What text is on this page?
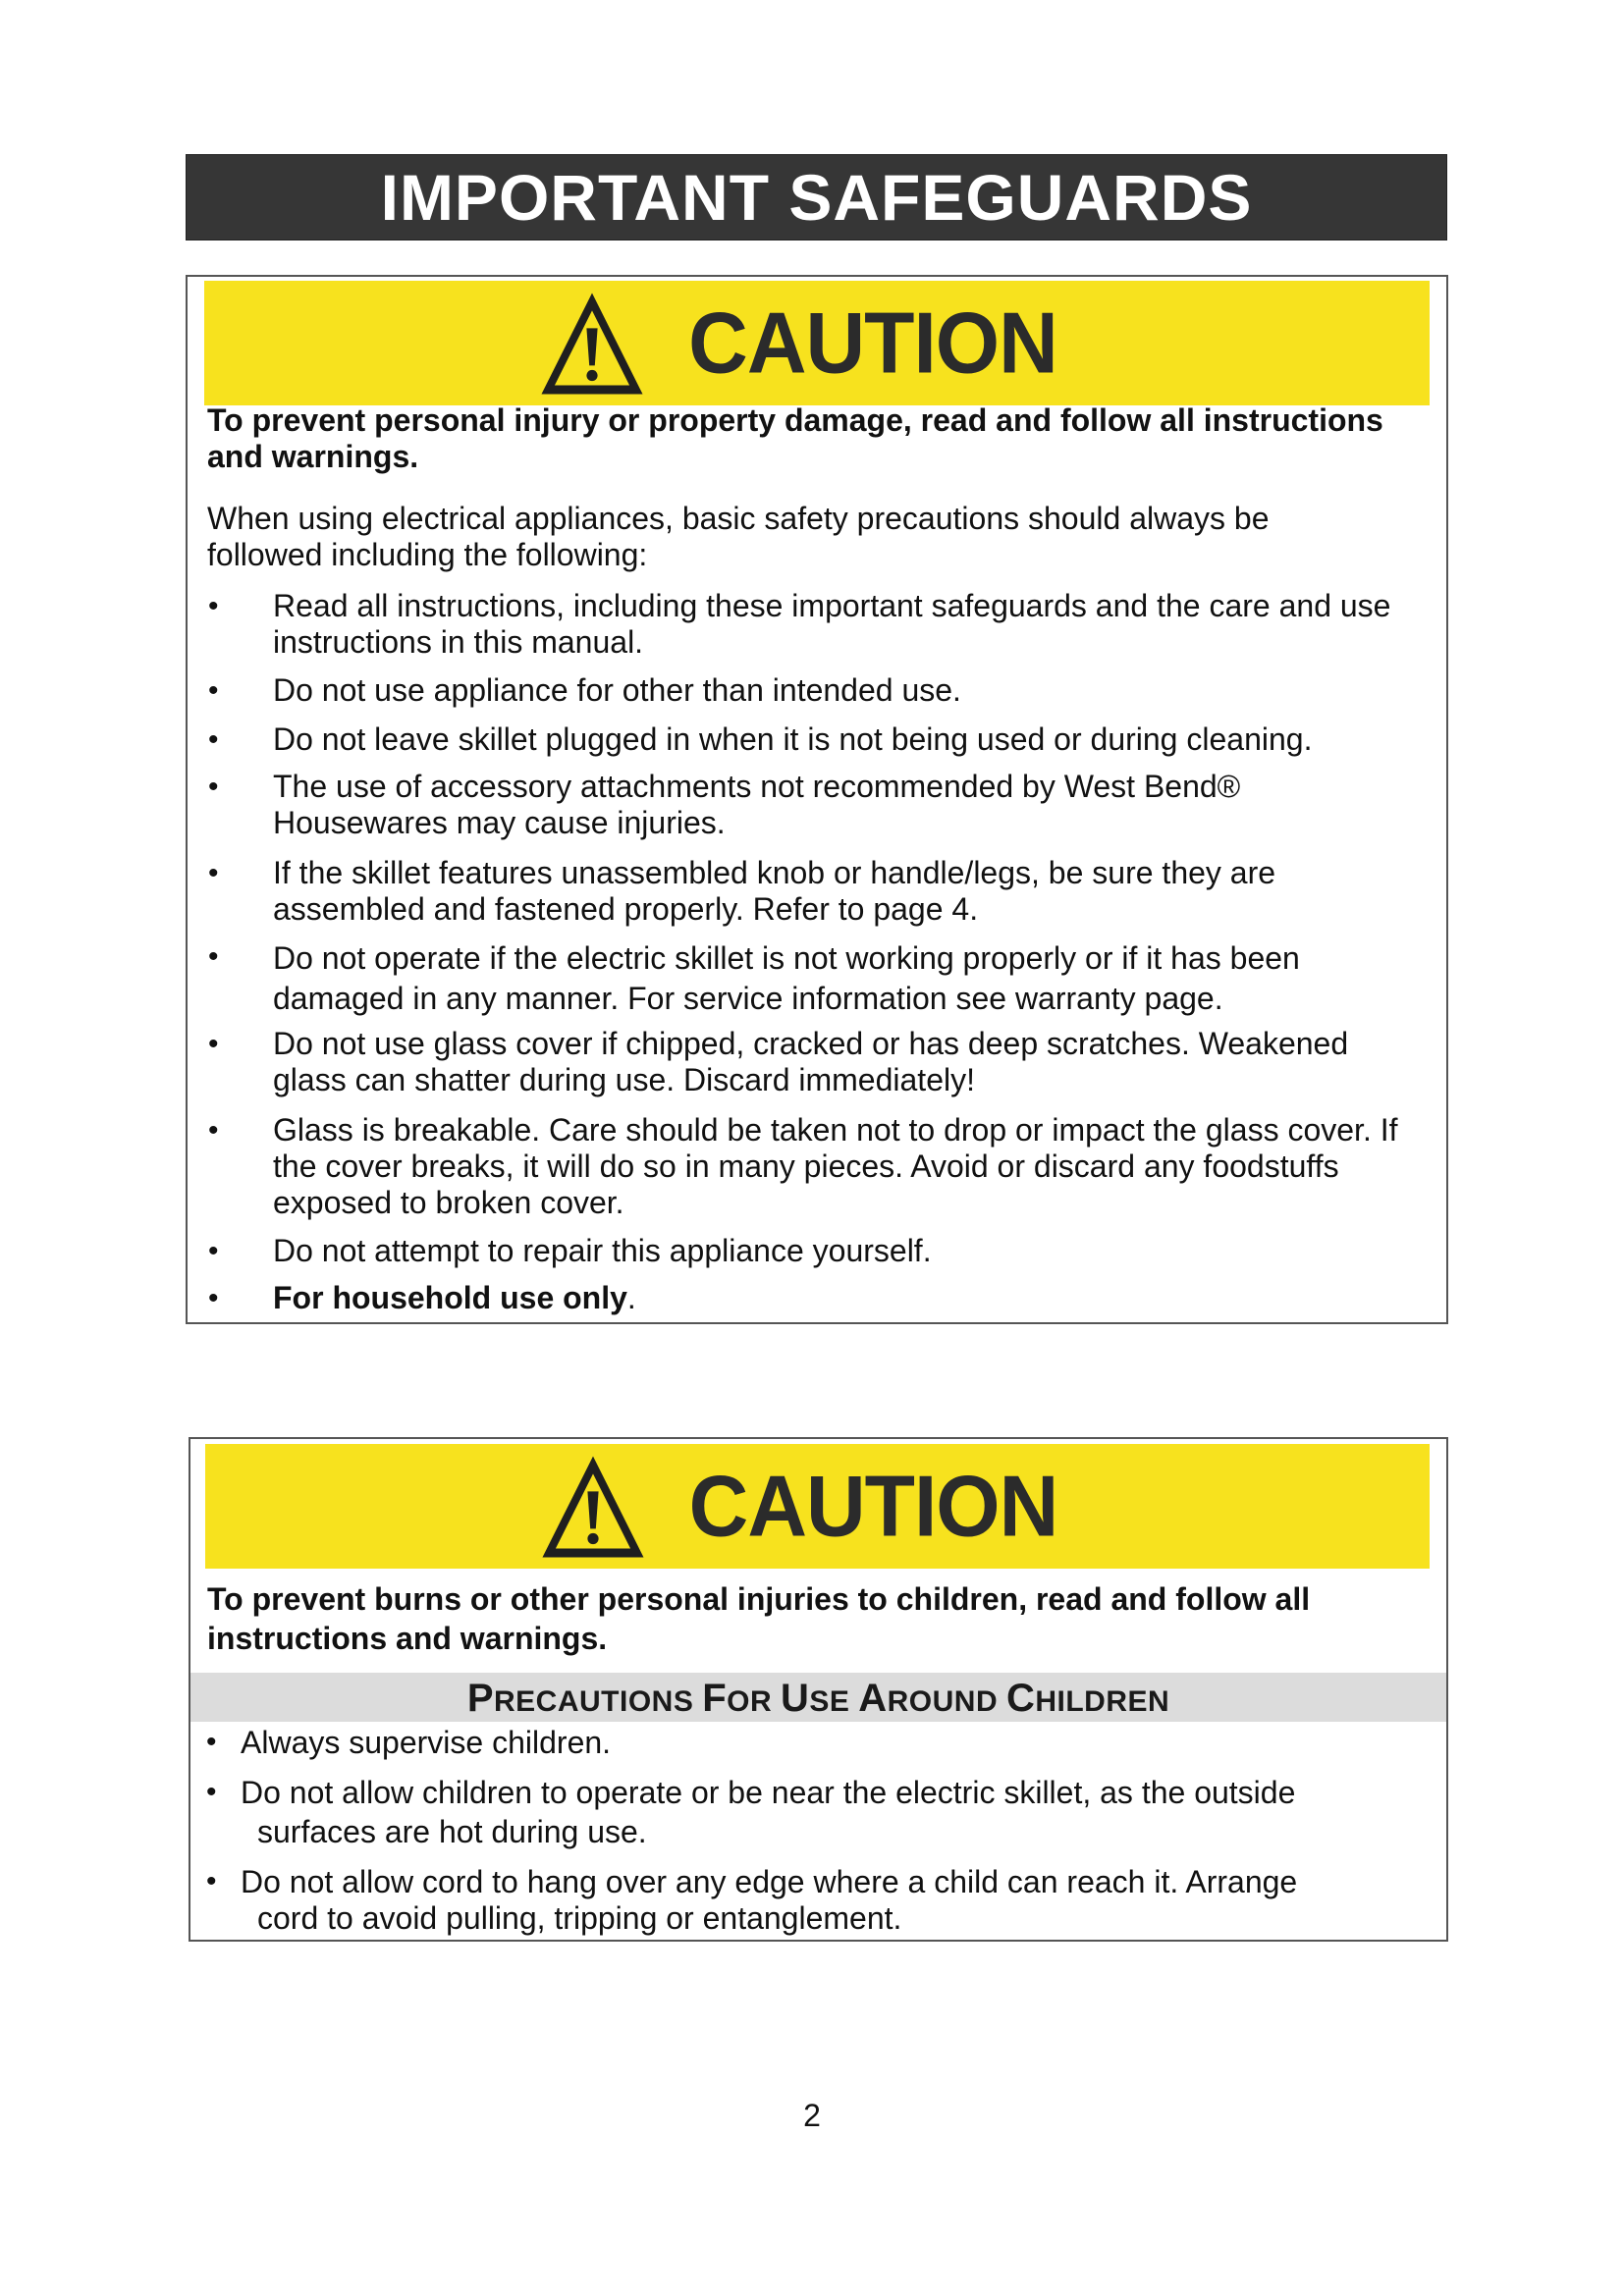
IMPORTANT SAFEGUARDS
CAUTION
To prevent personal injury or property damage, read and follow all instructions and warnings.
When using electrical appliances, basic safety precautions should always be followed including the following:
• Read all instructions, including these important safeguards and the care and use instructions in this manual.
• Do not use appliance for other than intended use.
• Do not leave skillet plugged in when it is not being used or during cleaning.
• The use of accessory attachments not recommended by West Bend® Housewares may cause injuries.
• If the skillet features unassembled knob or handle/legs, be sure they are assembled and fastened properly. Refer to page 4.
• Do not operate if the electric skillet is not working properly or if it has been damaged in any manner. For service information see warranty page.
• Do not use glass cover if chipped, cracked or has deep scratches. Weakened glass can shatter during use. Discard immediately!
• Glass is breakable. Care should be taken not to drop or impact the glass cover. If the cover breaks, it will do so in many pieces. Avoid or discard any foodstuffs exposed to broken cover.
• Do not attempt to repair this appliance yourself.
• For household use only.
CAUTION
To prevent burns or other personal injuries to children, read and follow all instructions and warnings.
PRECAUTIONS FOR USE AROUND CHILDREN
• Always supervise children.
• Do not allow children to operate or be near the electric skillet, as the outside
surfaces are hot during use.
• Do not allow cord to hang over any edge where a child can reach it. Arrange
cord to avoid pulling, tripping or entanglement.
2
